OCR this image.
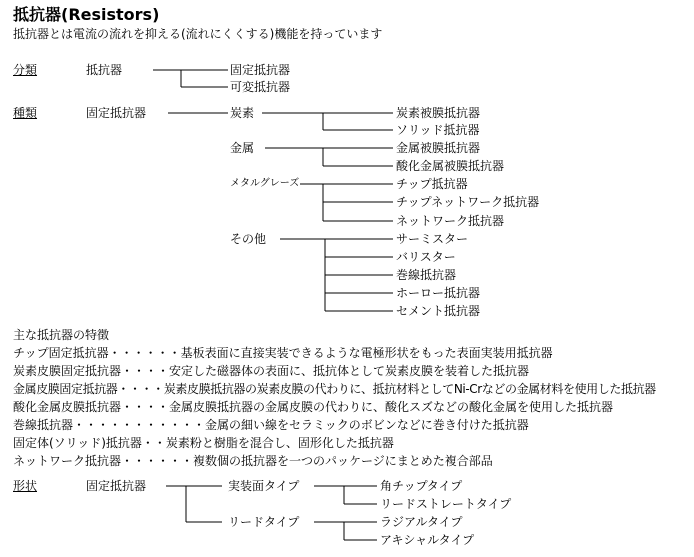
抵抗器(Resistors)
抵抗器とは電流の流れを抑える(流れにくくする)機能を持っています
分類	抵抗器	固定抵抗器
可変抵抗器
種類	固定抵抗器	炭素	炭素被膜抵抗器
ソリッド抵抗器
金属	金属被膜抵抗器
酸化金属被膜抵抗器
メタルグレーズ	チップ抵抗器
チップネットワーク抵抗器
ネットワーク抵抗器
その他	サーミスター
バリスター
巻線抵抗器
ホーロー抵抗器
セメント抵抗器
主な抵抗器の特徴
チップ固定抵抗器・・・・・・基板表面に直接実装できるような電極形状をもった表面実装用抵抗器
炭素皮膜固定抵抗器・・・・安定した磁器体の表面に、抵抗体として炭素皮膜を装着した抵抗器
金属皮膜固定抵抗器・・・・炭素皮膜抵抗器の炭素皮膜の代わりに、抵抗材料としてNi-Crなどの金属材料を使用した抵抗器
酸化金属皮膜抵抗器・・・・金属皮膜抵抗器の金属皮膜の代わりに、酸化スズなどの酸化金属を使用した抵抗器
巻線抵抗器・・・・・・・・・・・金属の細い線をセラミックのボビンなどに巻き付けた抵抗器
固定体(ソリッド)抵抗器・・炭素粉と樹脂を混合し、固形化した抵抗器
ネットワーク抵抗器・・・・・・複数個の抵抗器を一つのパッケージにまとめた複合部品
形状	固定抵抗器	実装面タイプ	角チップタイプ
リードストレートタイプ
リードタイプ	ラジアルタイプ
アキシャルタイプ
